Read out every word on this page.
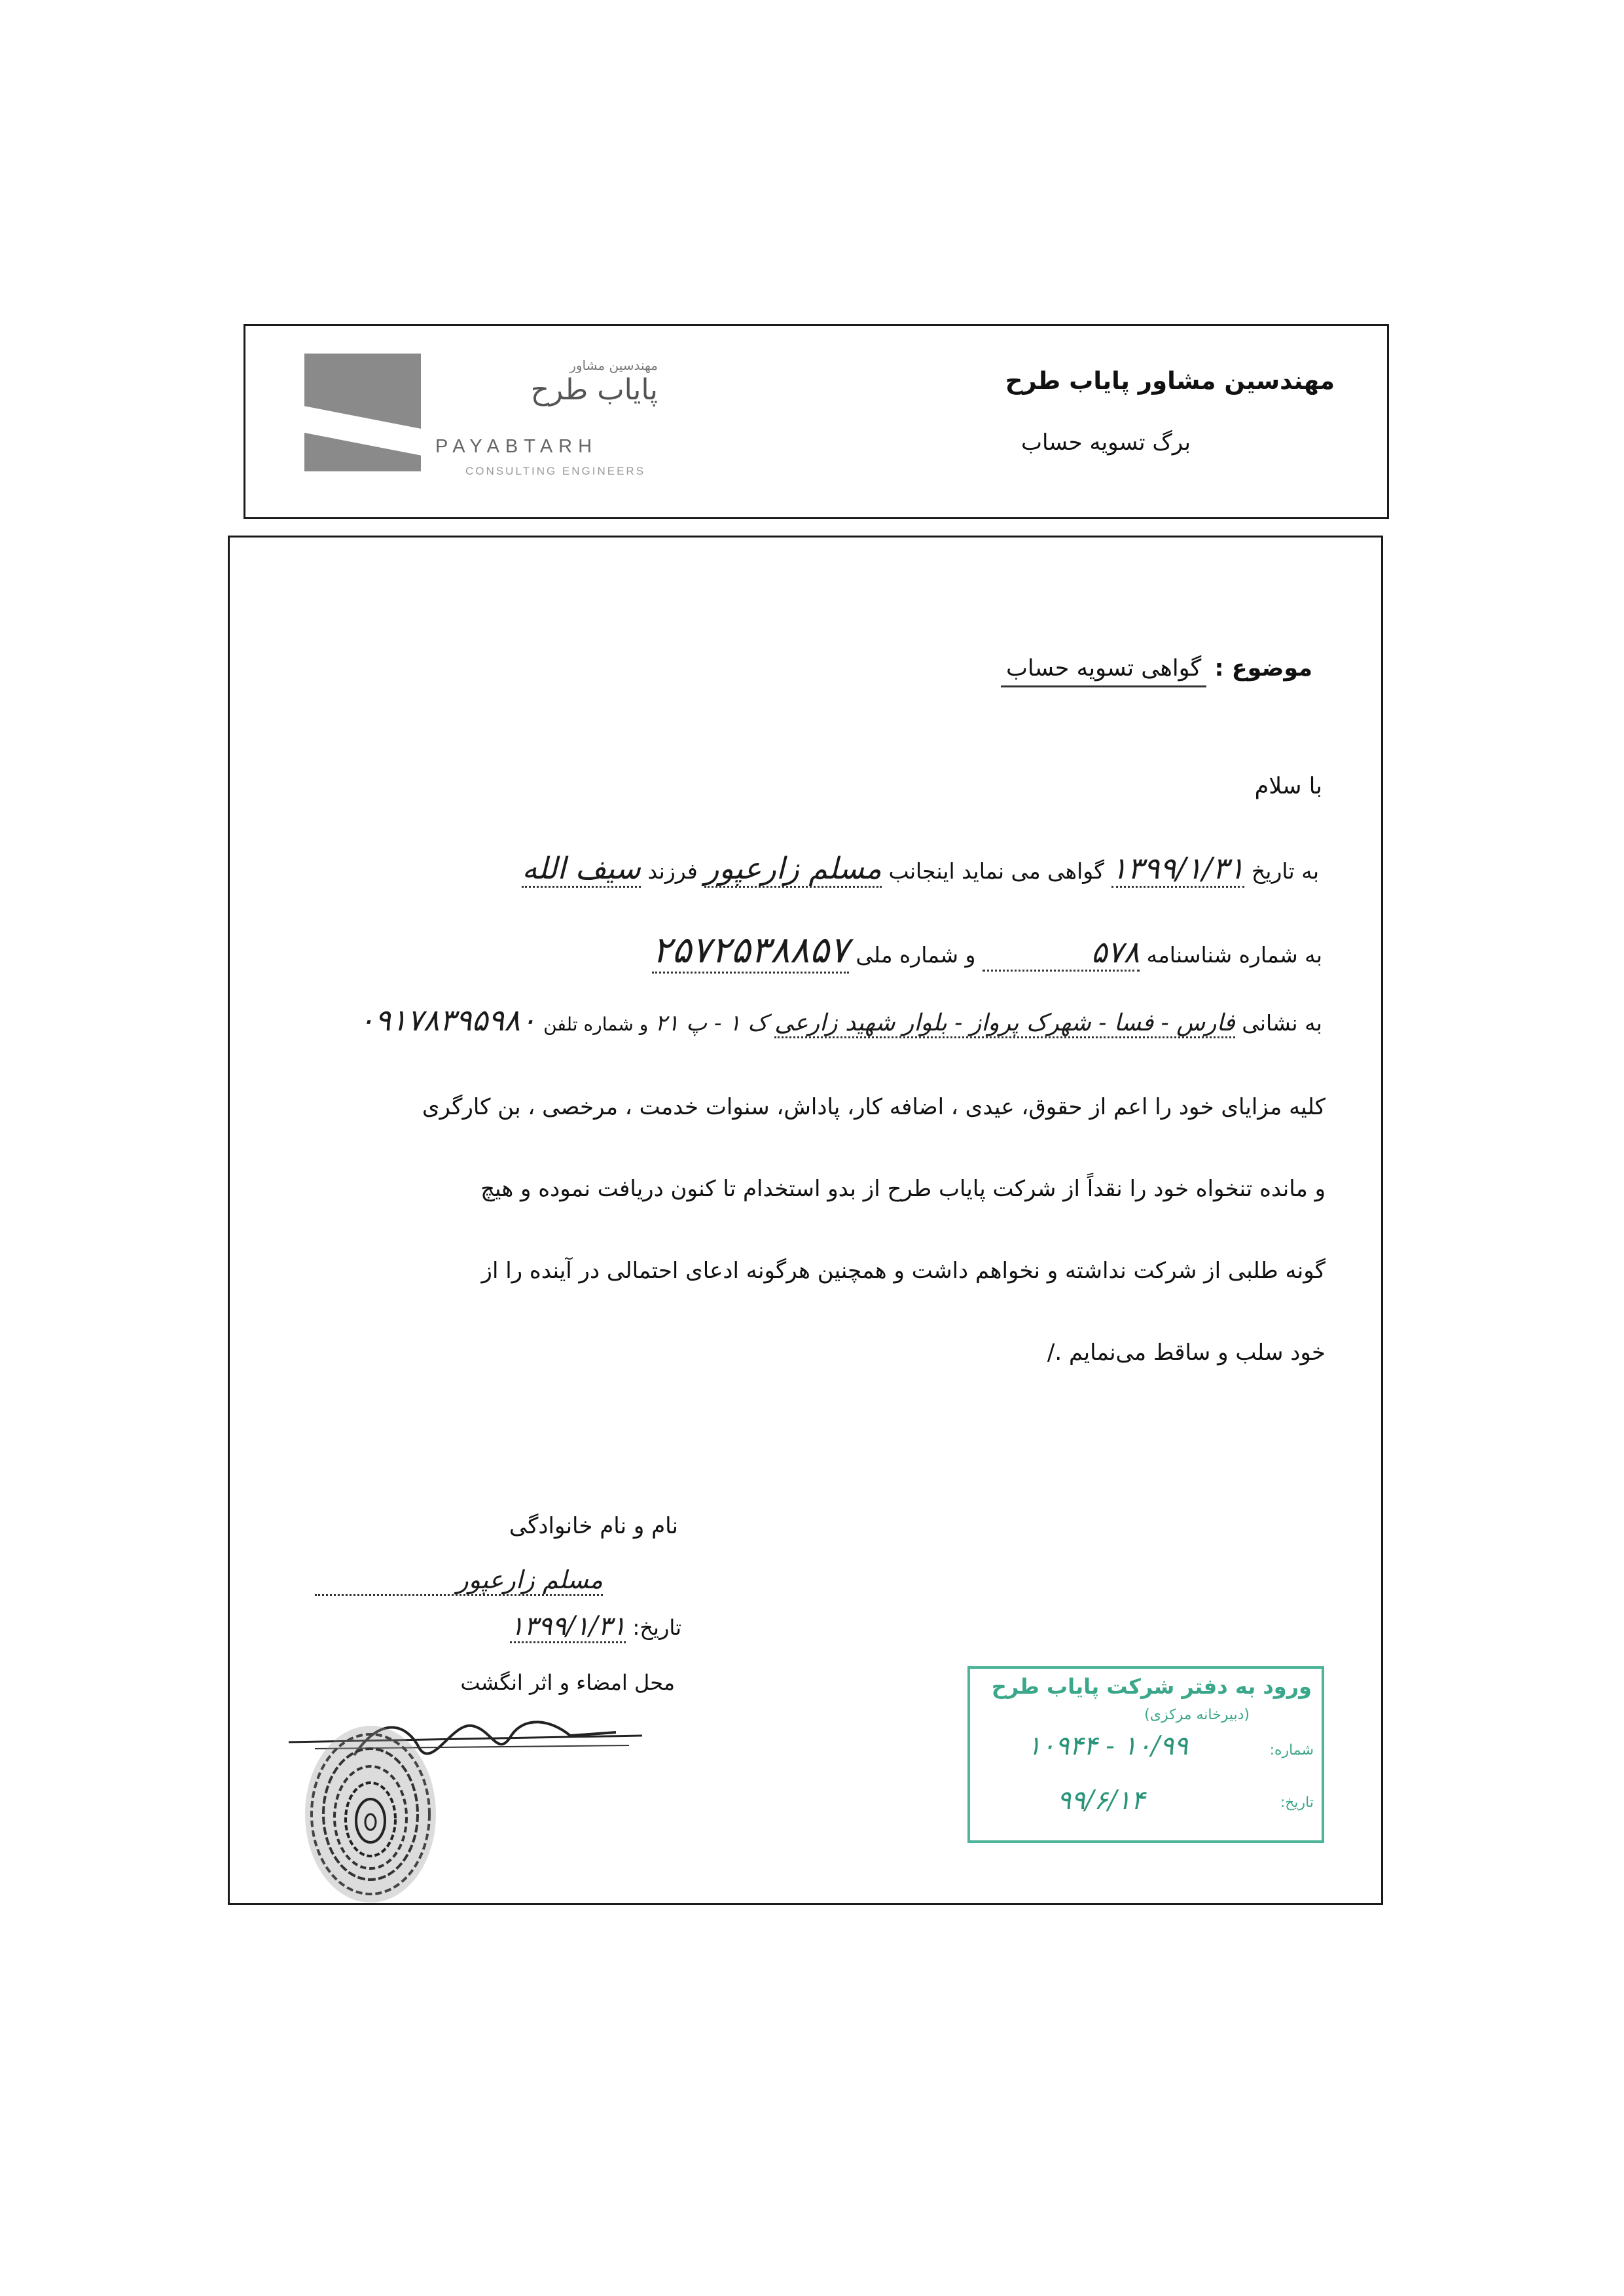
مهندسین مشاور
پایاب طرح
PAYABTARH
CONSULTING ENGINEERS
مهندسین مشاور پایاب طرح
برگ تسویه حساب
موضوع : گواهی تسویه حساب
با سلام
به تاریخ ۱۳۹۹/۱/۳۱ گواهی می نماید اینجانب مسلم زارعپور فرزند سیف الله
به شماره شناسنامه ۵۷۸ و شماره ملی ۲۵۷۲۵۳۸۸۵۷
به نشانی فارس - فسا - شهرک پرواز - بلوار شهید زارعی ک ۱ - پ ۲۱ و شماره تلفن ۰۹۱۷۸۳۹۵۹۸۰
کلیه مزایای خود را اعم از حقوق، عیدی ، اضافه کار، پاداش، سنوات خدمت ، مرخصی ، بن کارگری
و مانده تنخواه خود را نقداً از شرکت پایاب طرح از بدو استخدام تا کنون دریافت نموده و هیچ
گونه طلبی از شرکت نداشته و نخواهم داشت و همچنین هرگونه ادعای احتمالی در آینده را از
خود سلب و ساقط می‌نمایم ./
نام و نام خانوادگی
مسلم زارعپور
تاریخ: ۱۳۹۹/۱/۳۱
محل امضاء و اثر انگشت	ورود به دفتر شرکت پایاب طرح
(دبیرخانه مرکزی)
شماره:
تاریخ:
۱۰/۹۹ - ۱۰۹۴۴
۹۹/۶/۱۴
